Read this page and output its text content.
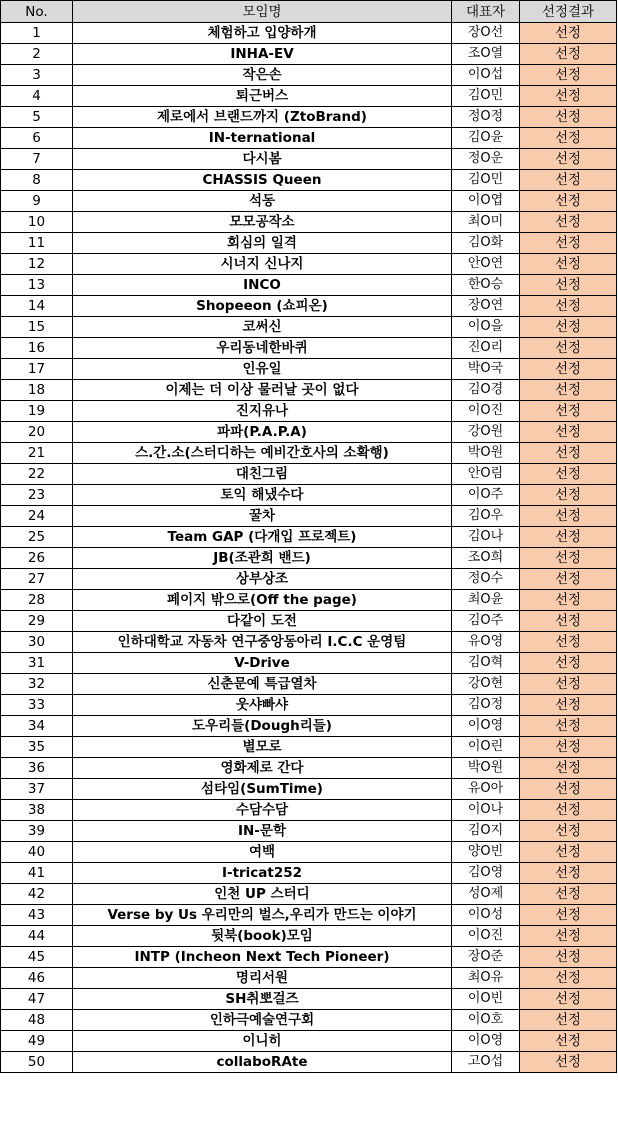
No.	모임명	대표자	선정결과
1	체험하고 입양하개	장O선	선정
2	INHA-EV	조O열	선정
3	작은손	이O섭	선정
4	퇴근버스	김O민	선정
5	제로에서 브랜드까지 (ZtoBrand)	정O정	선정
6	IN-ternational	김O윤	선정
7	다시봄	정O운	선정
8	CHASSIS Queen	김O민	선정
9	석동	이O엽	선정
10	모모공작소	최O미	선정
11	회심의 일격	김O화	선정
12	시너지 신나지	안O연	선정
13	INCO	한O승	선정
14	Shopeeon (쇼피온)	장O연	선정
15	코써신	이O을	선정
16	우리동네한바퀴	진O리	선정
17	인유일	박O국	선정
18	이제는 더 이상 물러날 곳이 없다	김O경	선정
19	진지유나	이O진	선정
20	파파(P.A.P.A)	강O원	선정
21	스.간.소(스터디하는 예비간호사의 소확행)	박O원	선정
22	대친그림	안O림	선정
23	토익 해냈수다	이O주	선정
24	꿀차	김O우	선정
25	Team GAP (다개입 프로젝트)	김O나	선정
26	JB(조관희 밴드)	조O희	선정
27	상부상조	정O수	선정
28	페이지 밖으로(Off the page)	최O윤	선정
29	다같이 도전	김O주	선정
30	인하대학교 자동차 연구중앙동아리 I.C.C 운영팀	유O영	선정
31	V-Drive	김O혁	선정
32	신춘문예 특급열차	강O현	선정
33	웃샤빠샤	김O정	선정
34	도우리들(Dough리들)	이O영	선정
35	별모로	이O린	선정
36	영화제로 간다	박O원	선정
37	섬타임(SumTime)	유O아	선정
38	수담수담	이O나	선정
39	IN-문학	김O지	선정
40	여백	양O빈	선정
41	I-tricat252	김O영	선정
42	인천 UP 스터디	성O제	선정
43	Verse by Us 우리만의 벌스,우리가 만드는 이야기	이O성	선정
44	뒷북(book)모임	이O진	선정
45	INTP (Incheon Next Tech Pioneer)	장O준	선정
46	명리서원	최O유	선정
47	SH취뽀걸즈	이O빈	선정
48	인하극예술연구회	이O호	선정
49	이니히	이O영	선정
50	collaboRAte	고O섭	선정
